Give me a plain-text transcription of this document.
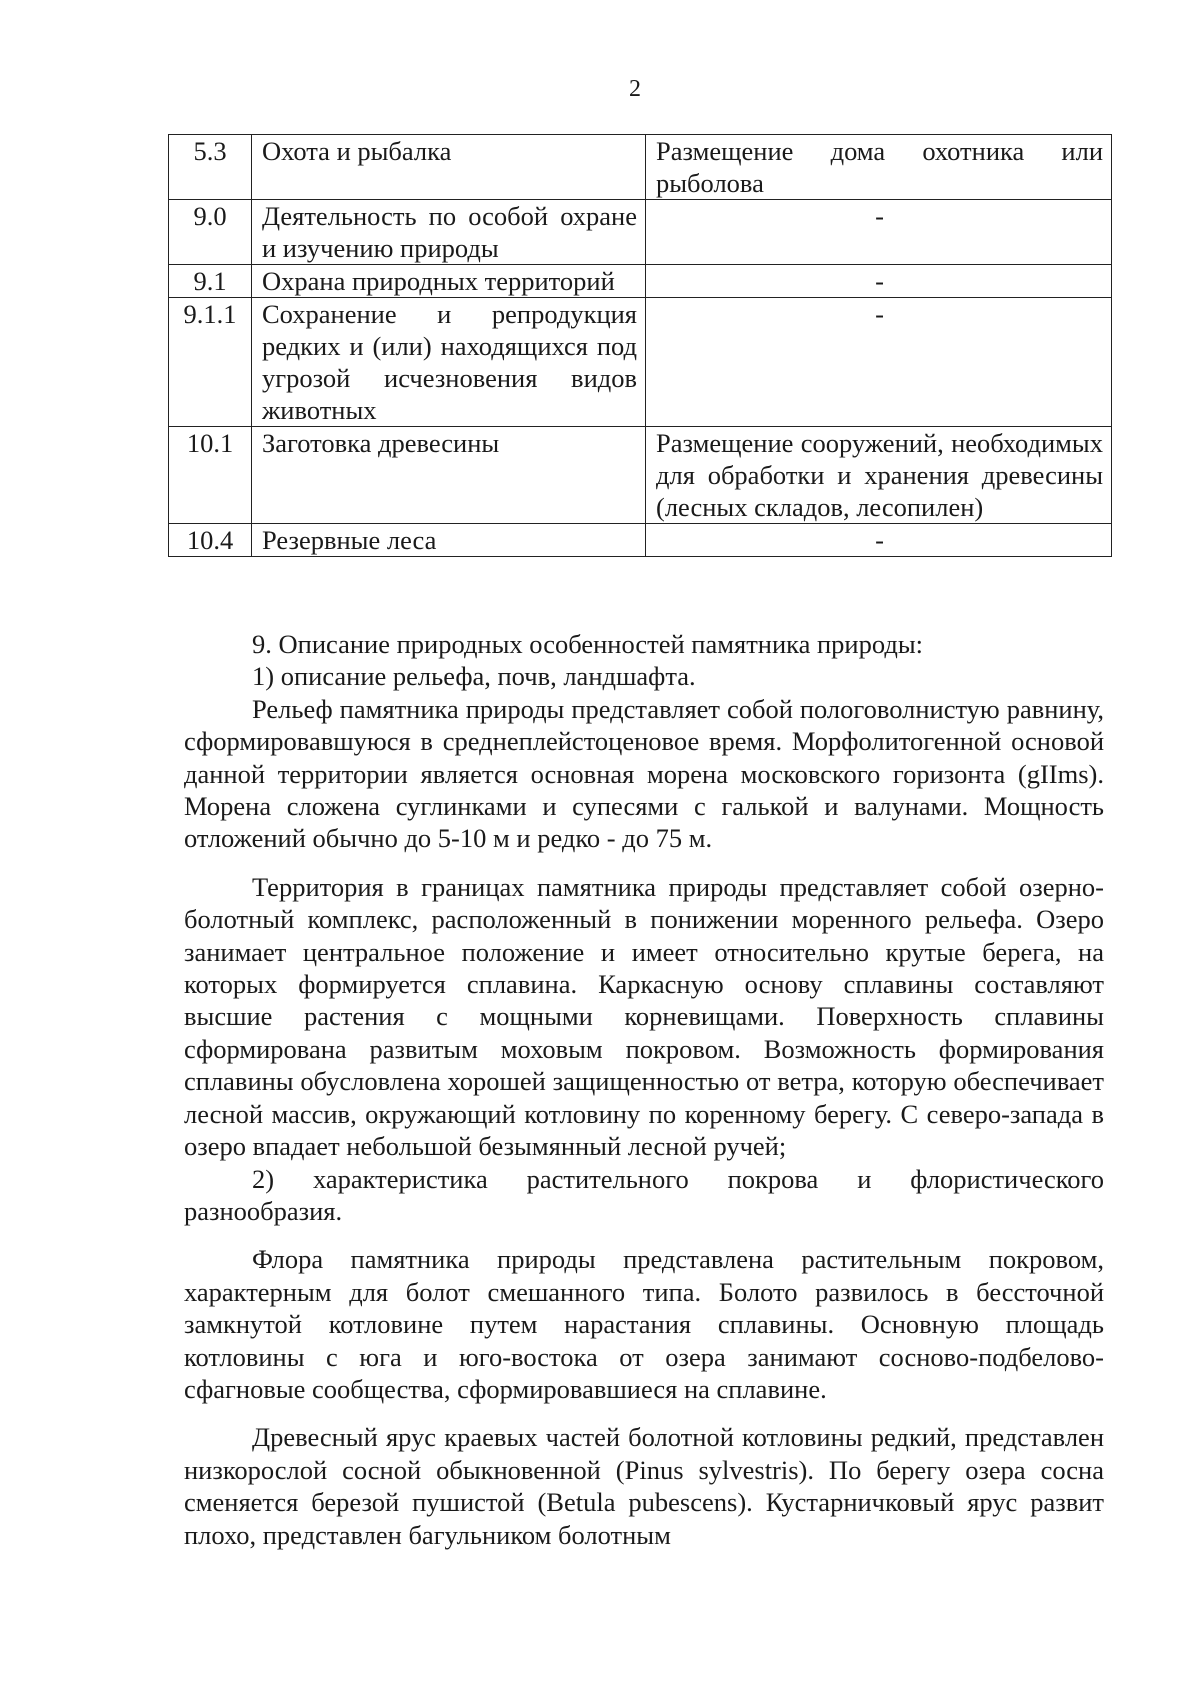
2
5.3	Охота и рыбалка	Размещение дома охотника или рыболова
9.0	Деятельность по особой охране и изучению природы	-
9.1	Охрана природных территорий	-
9.1.1	Сохранение и репродукция редких и (или) находящихся под угрозой исчезновения видов животных	-
10.1	Заготовка древесины	Размещение сооружений, необходимых для обработки и хранения древесины (лесных складов, лесопилен)
10.4	Резервные леса	-

9. Описание природных особенностей памятника природы:

1) описание рельефа, почв, ландшафта.

Рельеф памятника природы представляет собой пологоволнистую равнину, сформировавшуюся в среднеплейстоценовое время. Морфолитогенной основой данной территории является основная морена московского горизонта (gIIms). Морена сложена суглинками и супесями с галькой и валунами. Мощность отложений обычно до 5-10 м и редко - до 75 м.

Территория в границах памятника природы представляет собой озерно-болотный комплекс, расположенный в понижении моренного рельефа. Озеро занимает центральное положение и имеет относительно крутые берега, на которых формируется сплавина. Каркасную основу сплавины составляют высшие растения с мощными корневищами. Поверхность сплавины сформирована развитым моховым покровом. Возможность формирования сплавины обусловлена хорошей защищенностью от ветра, которую обеспечивает лесной массив, окружающий котловину по коренному берегу. С северо-запада в озеро впадает небольшой безымянный лесной ручей;

2) характеристика растительного покрова и флористического разнообразия.

Флора памятника природы представлена растительным покровом, характерным для болот смешанного типа. Болото развилось в бессточной замкнутой котловине путем нарастания сплавины. Основную площадь котловины с юга и юго-востока от озера занимают сосново-подбелово-сфагновые сообщества, сформировавшиеся на сплавине.

Древесный ярус краевых частей болотной котловины редкий, представлен низкорослой сосной обыкновенной (Pinus sylvestris). По берегу озера сосна сменяется березой пушистой (Betula pubescens). Кустарничковый ярус развит плохо, представлен багульником болотным
